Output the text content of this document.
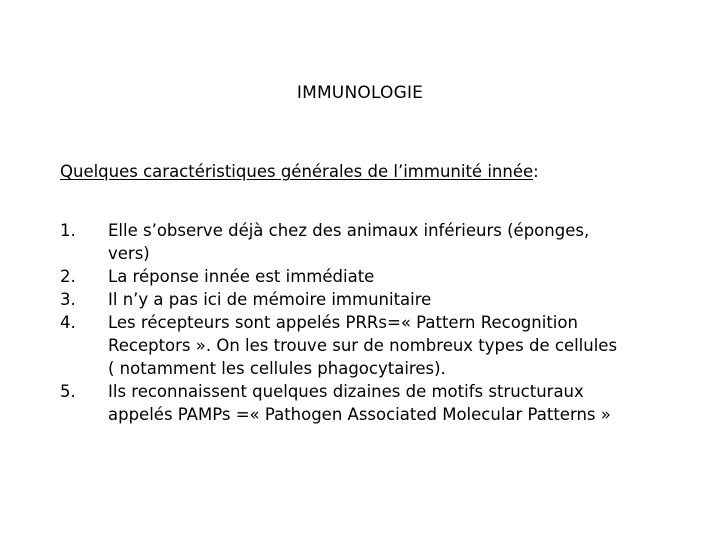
IMMUNOLOGIE
Quelques caractéristiques générales de l’immunité innée:
1.	Elle s’observe déjà chez des animaux inférieurs (éponges,
vers)
2.	La réponse innée est immédiate
3.	Il n’y a pas ici de mémoire immunitaire
4.	Les récepteurs sont appelés PRRs=« Pattern Recognition
Receptors ». On les trouve sur de nombreux types de cellules
( notamment les cellules phagocytaires).
5.	Ils reconnaissent quelques dizaines de motifs structuraux
appelés PAMPs =« Pathogen Associated Molecular Patterns »
